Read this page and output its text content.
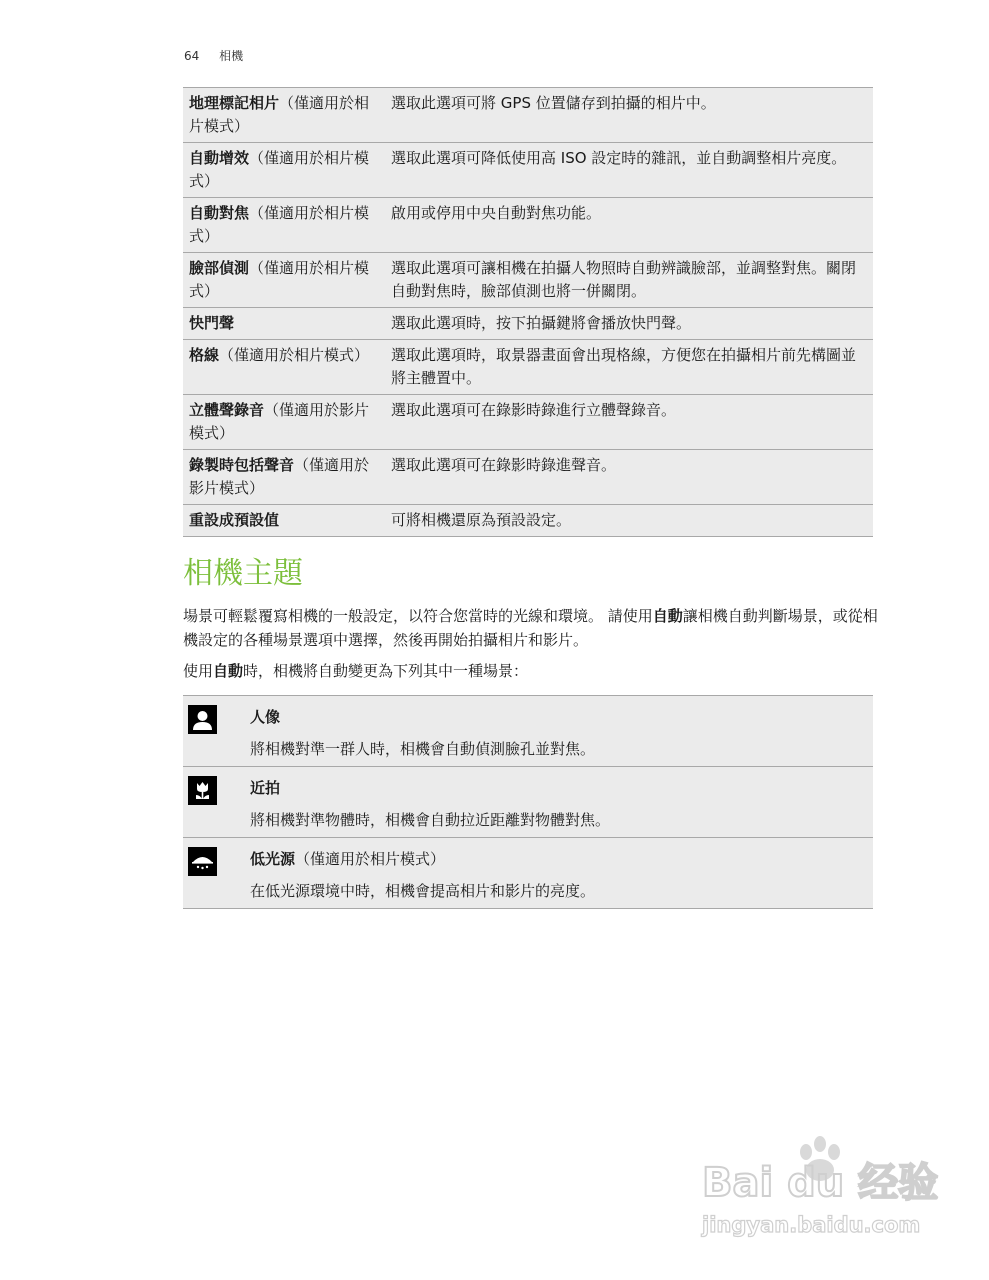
64 相機
地理標記相片（僅適用於相片模式）	選取此選項可將 GPS 位置儲存到拍攝的相片中。
自動增效（僅適用於相片模式）	選取此選項可降低使用高 ISO 設定時的雜訊，並自動調整相片亮度。
自動對焦（僅適用於相片模式）	啟用或停用中央自動對焦功能。
臉部偵測（僅適用於相片模式）	選取此選項可讓相機在拍攝人物照時自動辨識臉部，並調整對焦。關閉自動對焦時，臉部偵測也將一併關閉。
快門聲	選取此選項時，按下拍攝鍵將會播放快門聲。
格線（僅適用於相片模式）	選取此選項時，取景器畫面會出現格線，方便您在拍攝相片前先構圖並將主體置中。
立體聲錄音（僅適用於影片模式）	選取此選項可在錄影時錄進行立體聲錄音。
錄製時包括聲音（僅適用於影片模式）	選取此選項可在錄影時錄進聲音。
重設成預設值	可將相機還原為預設設定。
相機主題

場景可輕鬆覆寫相機的一般設定，以符合您當時的光線和環境。 請使用自動讓相機自動判斷場景，或從相機設定的各種場景選項中選擇，然後再開始拍攝相片和影片。

使用自動時，相機將自動變更為下列其中一種場景：

人像
將相機對準一群人時，相機會自動偵測臉孔並對焦。
近拍
將相機對準物體時，相機會自動拉近距離對物體對焦。
低光源（僅適用於相片模式）
在低光源環境中時，相機會提高相片和影片的亮度。
Bai du 经验
jingyan.baidu.com
